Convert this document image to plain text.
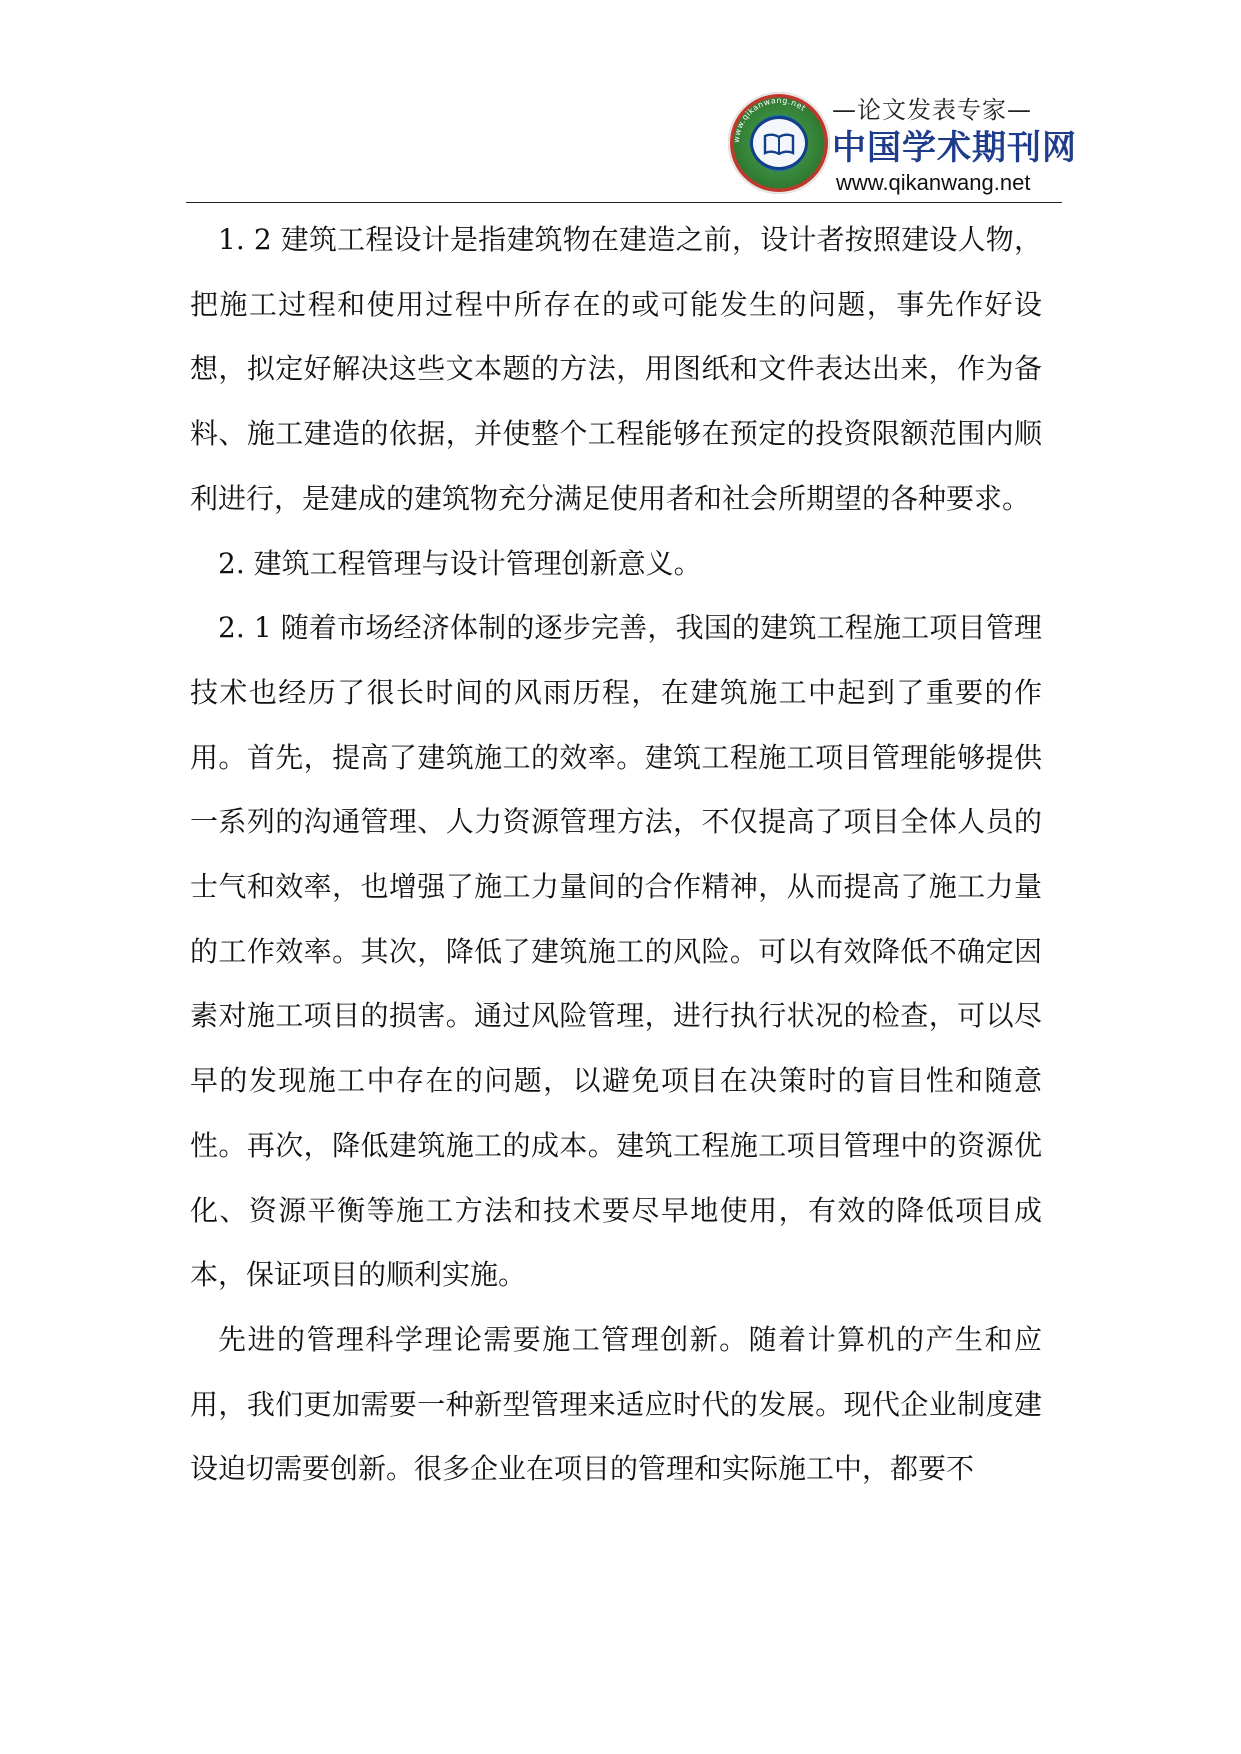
www.qikanwang.net —论文发表专家—
中国学术期刊网
www.qikanwang.net

1. 2 建筑工程设计是指建筑物在建造之前，设计者按照建设人物，把施工过程和使用过程中所存在的或可能发生的问题，事先作好设想，拟定好解决这些文本题的方法，用图纸和文件表达出来，作为备料、施工建造的依据，并使整个工程能够在预定的投资限额范围内顺利进行，是建成的建筑物充分满足使用者和社会所期望的各种要求。

2. 建筑工程管理与设计管理创新意义。

2. 1 随着市场经济体制的逐步完善，我国的建筑工程施工项目管理技术也经历了很长时间的风雨历程，在建筑施工中起到了重要的作用。首先，提高了建筑施工的效率。建筑工程施工项目管理能够提供一系列的沟通管理、人力资源管理方法，不仅提高了项目全体人员的士气和效率，也增强了施工力量间的合作精神，从而提高了施工力量的工作效率。其次，降低了建筑施工的风险。可以有效降低不确定因素对施工项目的损害。通过风险管理，进行执行状况的检查，可以尽早的发现施工中存在的问题，以避免项目在决策时的盲目性和随意性。再次，降低建筑施工的成本。建筑工程施工项目管理中的资源优化、资源平衡等施工方法和技术要尽早地使用，有效的降低项目成本，保证项目的顺利实施。

先进的管理科学理论需要施工管理创新。随着计算机的产生和应用，我们更加需要一种新型管理来适应时代的发展。现代企业制度建设迫切需要创新。很多企业在项目的管理和实际施工中，都要不
